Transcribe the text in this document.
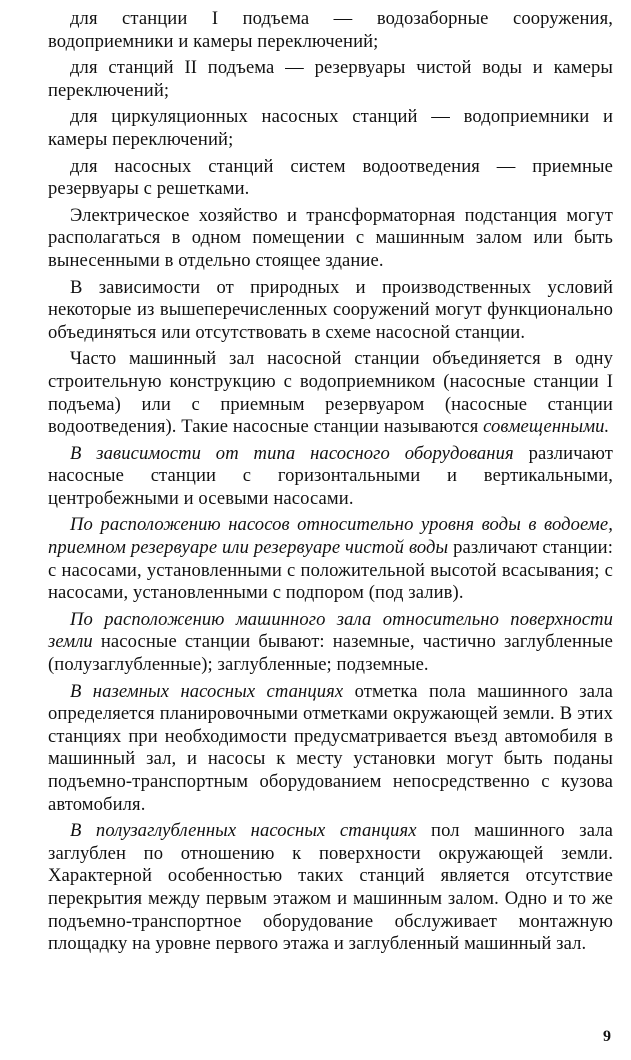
для станции I подъема — водозаборные сооружения, водоприемники и камеры переключений;

для станций II подъема — резервуары чистой воды и камеры переключений;

для циркуляционных насосных станций — водоприемники и камеры переключений;

для насосных станций систем водоотведения — приемные резервуары с решетками.

Электрическое хозяйство и трансформаторная подстанция могут располагаться в одном помещении с машинным залом или быть вынесенными в отдельно стоящее здание.

В зависимости от природных и производственных условий некоторые из вышеперечисленных сооружений могут функционально объединяться или отсутствовать в схеме насосной станции.

Часто машинный зал насосной станции объединяется в одну строительную конструкцию с водоприемником (насосные станции I подъема) или с приемным резервуаром (насосные станции водоотведения). Такие насосные станции называются совмещенными.

В зависимости от типа насосного оборудования различают насосные станции с горизонтальными и вертикальными, центробежными и осевыми насосами.

По расположению насосов относительно уровня воды в водоеме, приемном резервуаре или резервуаре чистой воды различают станции: с насосами, установленными с положительной высотой всасывания; с насосами, установленными с подпором (под залив).

По расположению машинного зала относительно поверхности земли насосные станции бывают: наземные, частично заглубленные (полузаглубленные); заглубленные; подземные.

В наземных насосных станциях отметка пола машинного зала определяется планировочными отметками окружающей земли. В этих станциях при необходимости предусматривается въезд автомобиля в машинный зал, и насосы к месту установки могут быть поданы подъемно-транспортным оборудованием непосредственно с кузова автомобиля.

В полузаглубленных насосных станциях пол машинного зала заглублен по отношению к поверхности окружающей земли. Характерной особенностью таких станций является отсутствие перекрытия между первым этажом и машинным залом. Одно и то же подъемно-транспортное оборудование обслуживает монтажную площадку на уровне первого этажа и заглубленный машинный зал.

9
